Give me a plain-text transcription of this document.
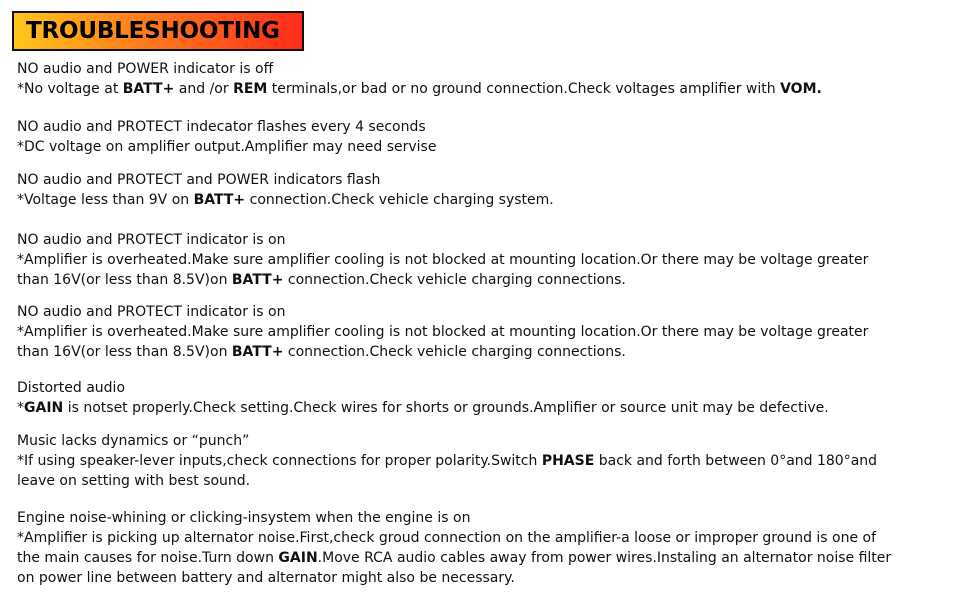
TROUBLESHOOTING
NO audio and POWER indicator is off
*No voltage at BATT+ and /or REM terminals,or bad or no ground connection.Check voltages amplifier with VOM.
NO audio and PROTECT indecator flashes every 4 seconds
*DC voltage on amplifier output.Amplifier may need servise
NO audio and PROTECT and POWER indicators flash
*Voltage less than 9V on BATT+ connection.Check vehicle charging system.
NO audio and PROTECT indicator is on
*Amplifier is overheated.Make sure amplifier cooling is not blocked at mounting location.Or there may be voltage greater
than 16V(or less than 8.5V)on BATT+ connection.Check vehicle charging connections.
NO audio and PROTECT indicator is on
*Amplifier is overheated.Make sure amplifier cooling is not blocked at mounting location.Or there may be voltage greater
than 16V(or less than 8.5V)on BATT+ connection.Check vehicle charging connections.
Distorted audio
*GAIN is notset properly.Check setting.Check wires for shorts or grounds.Amplifier or source unit may be defective.
Music lacks dynamics or “punch”
*If using speaker-lever inputs,check connections for proper polarity.Switch PHASE back and forth between 0°and 180°and
leave on setting with best sound.
Engine noise-whining or clicking-insystem when the engine is on
*Amplifier is picking up alternator noise.First,check groud connection on the amplifier-a loose or improper ground is one of
the main causes for noise.Turn down GAIN.Move RCA audio cables away from power wires.Instaling an alternator noise filter
on power line between battery and alternator might also be necessary.
